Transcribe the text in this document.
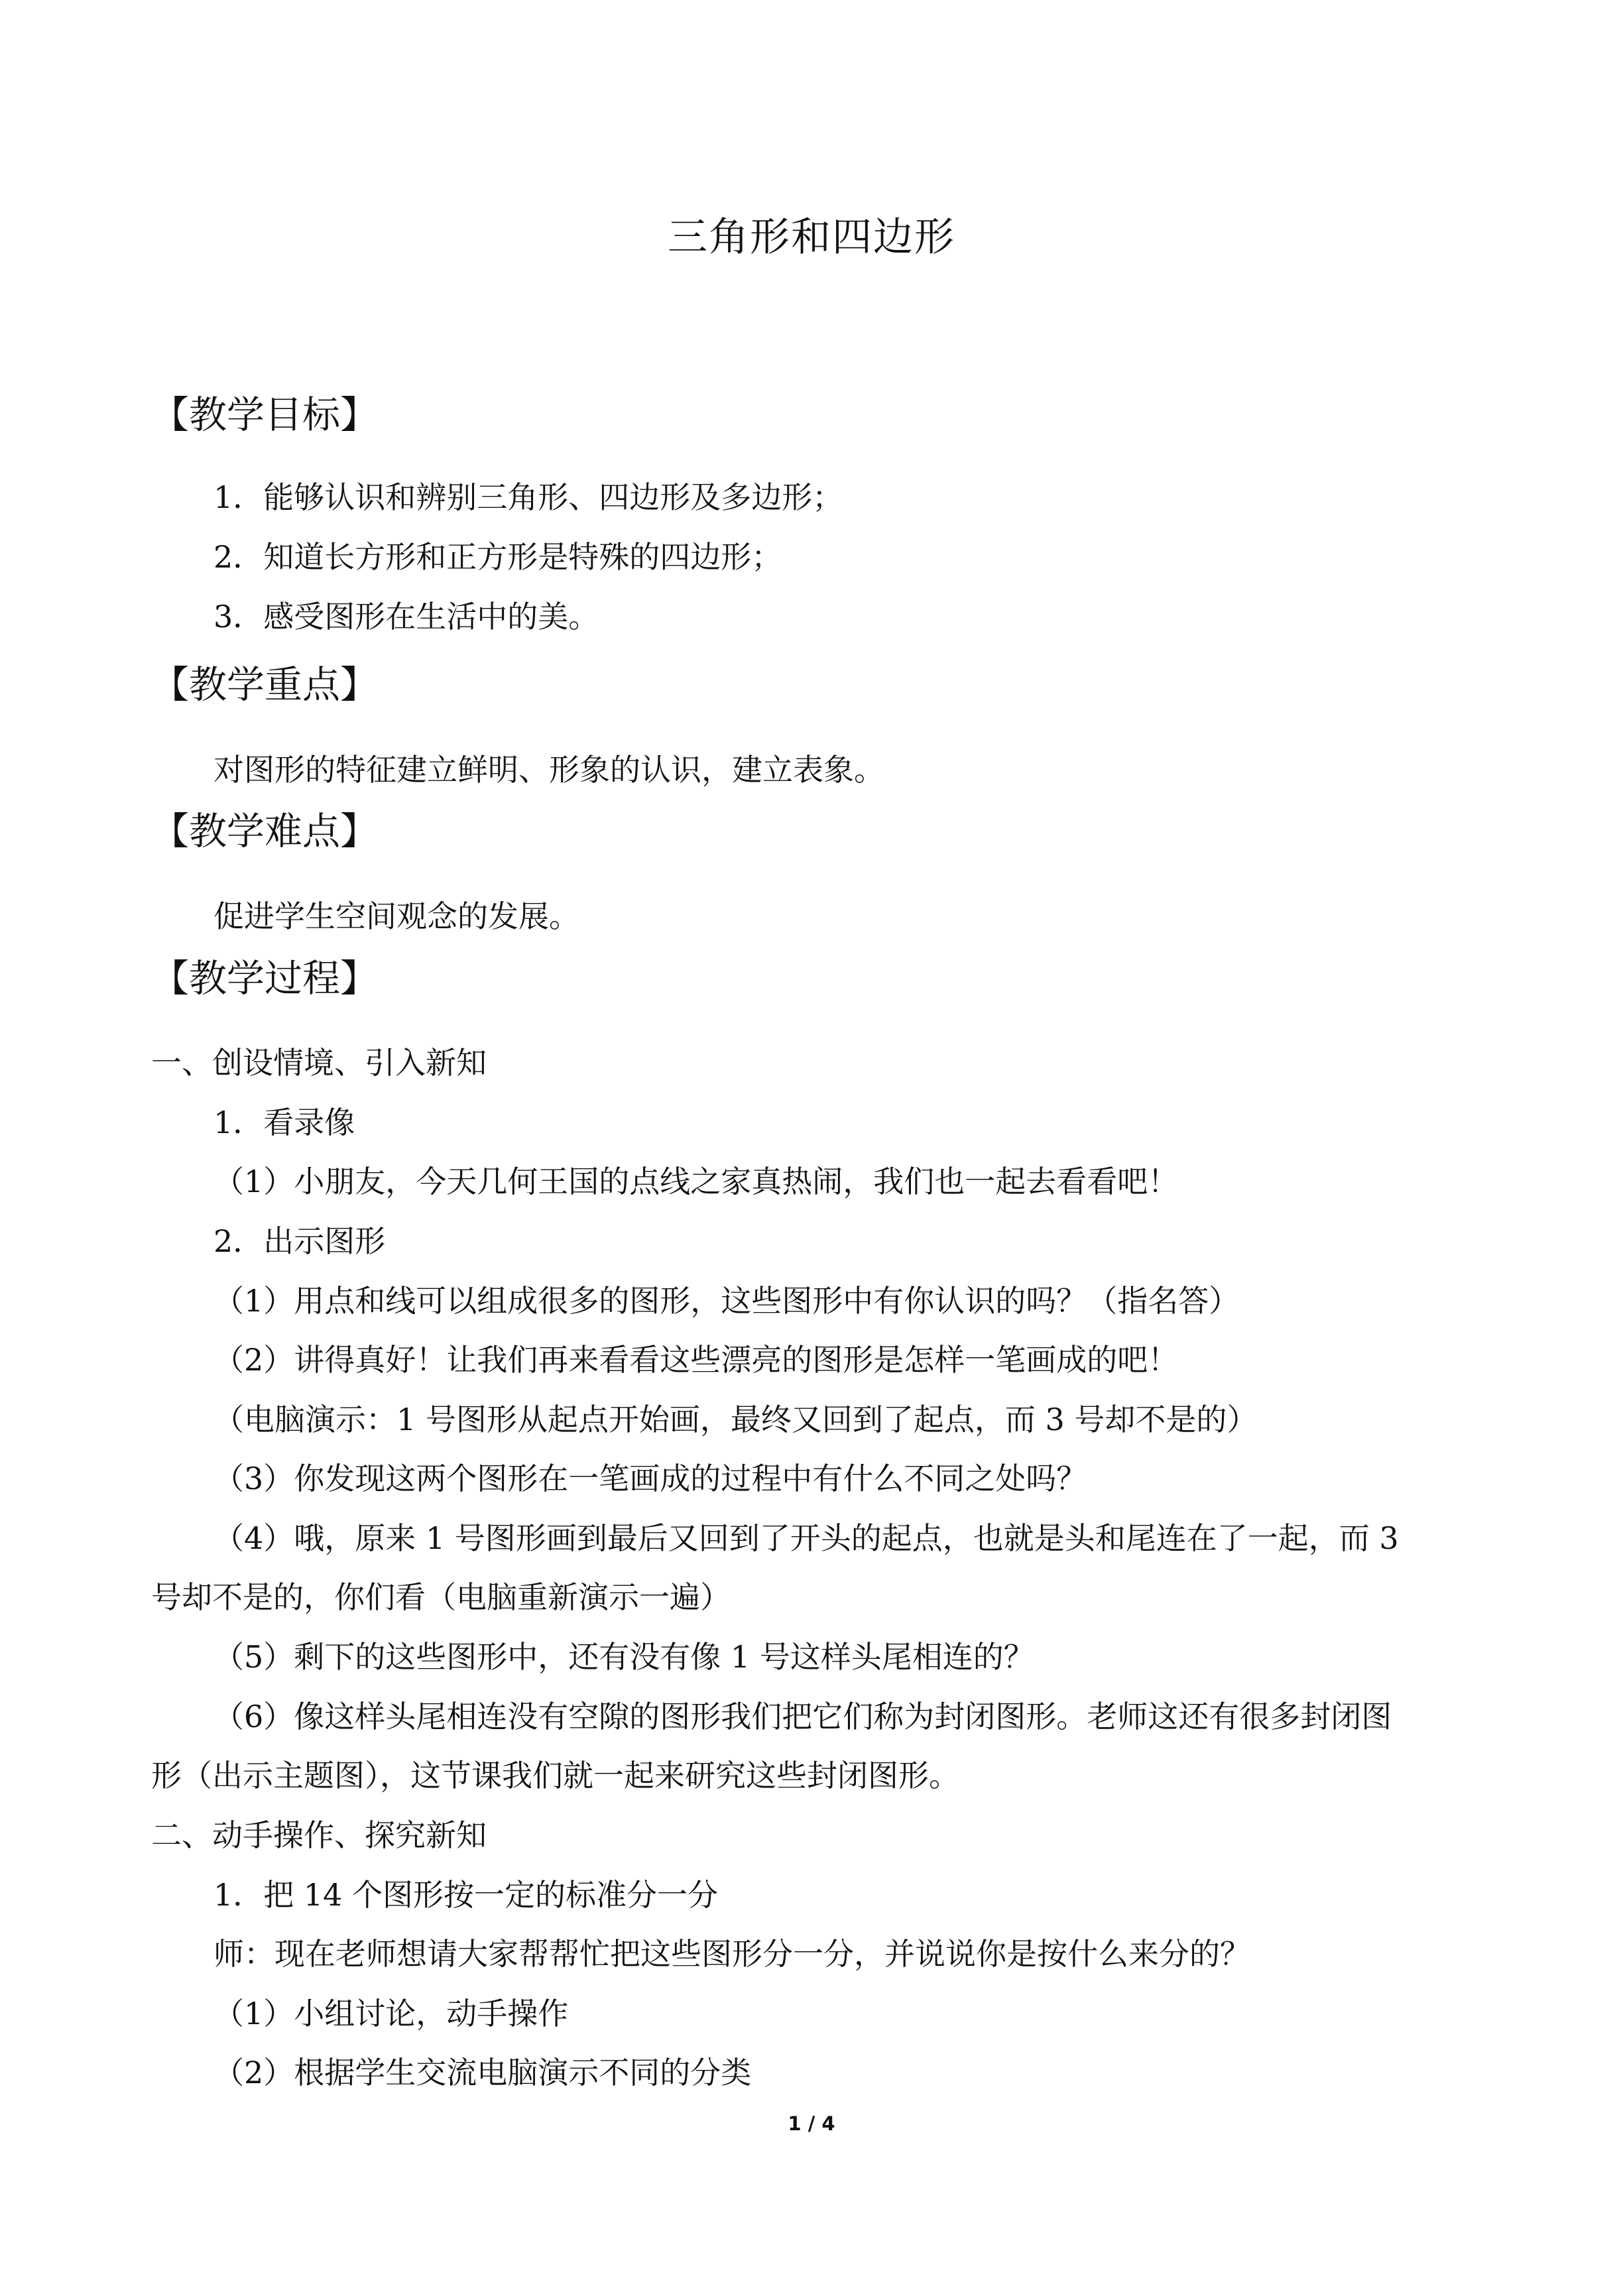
三角形和四边形
【教学目标】
1．能够认识和辨别三角形、四边形及多边形；
2．知道长方形和正方形是特殊的四边形；
3．感受图形在生活中的美。
【教学重点】
对图形的特征建立鲜明、形象的认识，建立表象。
【教学难点】
促进学生空间观念的发展。
【教学过程】
一、创设情境、引入新知
1．看录像
（1）小朋友，今天几何王国的点线之家真热闹，我们也一起去看看吧！
2．出示图形
（1）用点和线可以组成很多的图形，这些图形中有你认识的吗？（指名答）
（2）讲得真好！让我们再来看看这些漂亮的图形是怎样一笔画成的吧！
（电脑演示：1 号图形从起点开始画，最终又回到了起点，而 3 号却不是的）
（3）你发现这两个图形在一笔画成的过程中有什么不同之处吗？
（4）哦，原来 1 号图形画到最后又回到了开头的起点，也就是头和尾连在了一起，而 3
号却不是的，你们看（电脑重新演示一遍）
（5）剩下的这些图形中，还有没有像 1 号这样头尾相连的？
（6）像这样头尾相连没有空隙的图形我们把它们称为封闭图形。老师这还有很多封闭图
形（出示主题图），这节课我们就一起来研究这些封闭图形。
二、动手操作、探究新知
1．把 14 个图形按一定的标准分一分
师：现在老师想请大家帮帮忙把这些图形分一分，并说说你是按什么来分的？
（1）小组讨论，动手操作
（2）根据学生交流电脑演示不同的分类
1 / 4
